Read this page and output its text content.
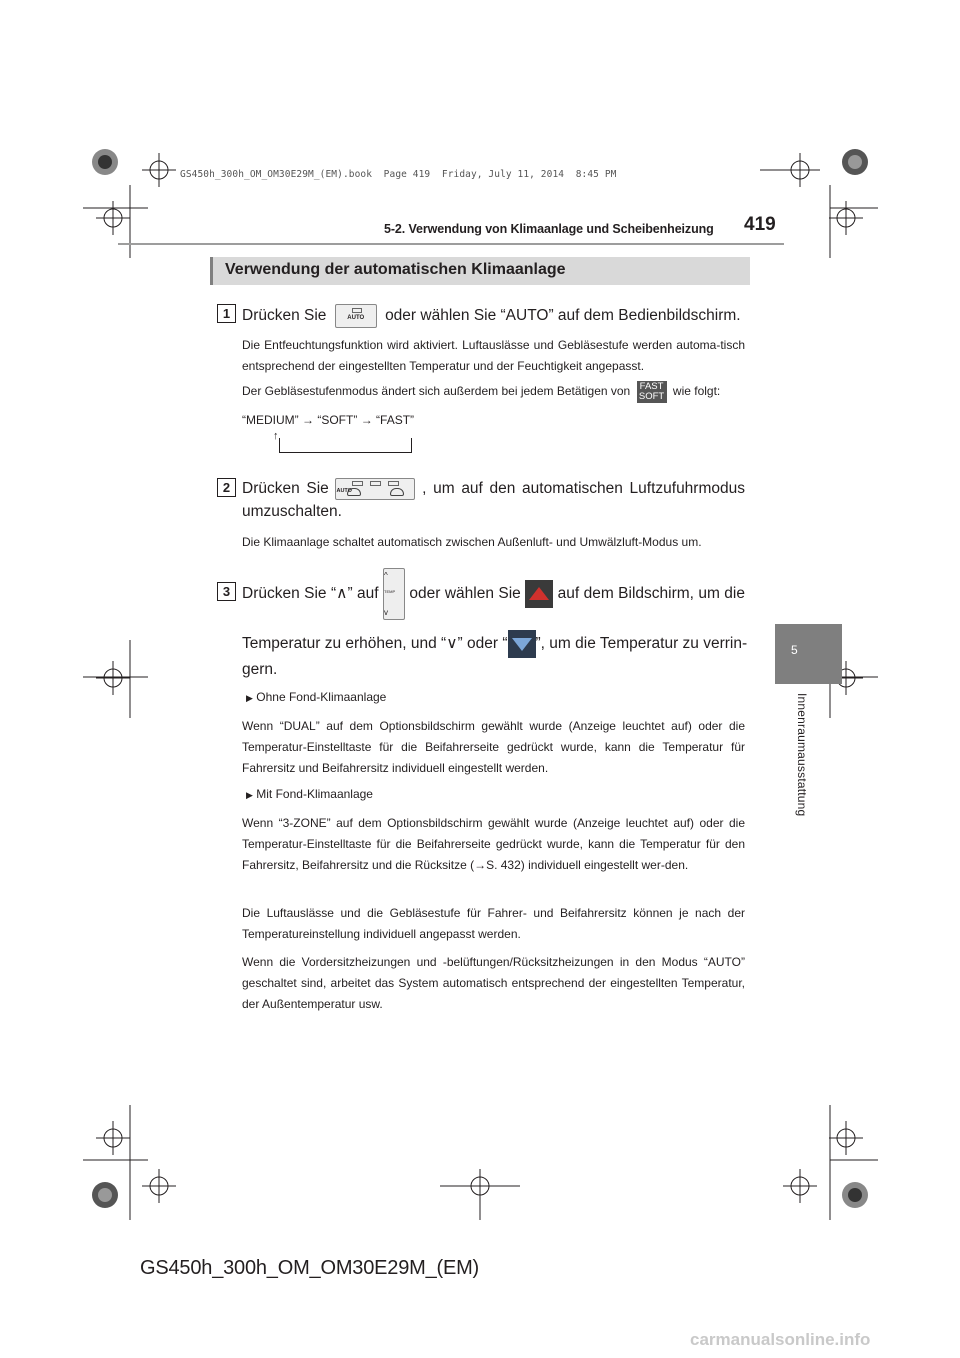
GS450h_300h_OM_OM30E29M_(EM).book  Page 419  Friday, July 11, 2014  8:45 PM
5-2. Verwendung von Klimaanlage und Scheibenheizung 419
5
Innenraumausstattung
Verwendung der automatischen Klimaanlage
1 Drücken Sie	AUTO	oder wählen Sie “AUTO” auf dem Bedienbildschirm.

Die Entfeuchtungsfunktion wird aktiviert. Luftauslässe und Gebläsestufe werden automa-tisch entsprechend der eingestellten Temperatur und der Feuchtigkeit angepasst.

Der Gebläsestufenmodus ändert sich außerdem bei jedem Betätigen von FAST
SOFT wie folgt:
“MEDIUM” → “SOFT” → “FAST”
↑
2 Drücken Sie AUTO	, um auf den automatischen Luftzufuhrmodus
umzuschalten.

Die Klimaanlage schaltet automatisch zwischen Außenluft- und Umwälzluft-Modus um.

3 Drücken Sie “∧” auf
^
TEMP
v
oder wählen Sie auf dem Bildschirm, um die
Temperatur zu erhöhen, und “∨” oder “ ”, um die Temperatur zu verrin-
gern.
▶ Ohne Fond-Klimaanlage

Wenn “DUAL” auf dem Optionsbildschirm gewählt wurde (Anzeige leuchtet auf) oder die Temperatur-Einstelltaste für die Beifahrerseite gedrückt wurde, kann die Temperatur für Fahrersitz und Beifahrersitz individuell eingestellt werden.

▶ Mit Fond-Klimaanlage

Wenn “3-ZONE” auf dem Optionsbildschirm gewählt wurde (Anzeige leuchtet auf) oder die Temperatur-Einstelltaste für die Beifahrerseite gedrückt wurde, kann die Temperatur für den Fahrersitz, Beifahrersitz und die Rücksitze (→S. 432) individuell eingestellt wer-den.

Die Luftauslässe und die Gebläsestufe für Fahrer- und Beifahrersitz können je nach der Temperatureinstellung individuell angepasst werden.

Wenn die Vordersitzheizungen und -belüftungen/Rücksitzheizungen in den Modus “AUTO” geschaltet sind, arbeitet das System automatisch entsprechend der eingestellten Temperatur, der Außentemperatur usw.

GS450h_300h_OM_OM30E29M_(EM)
carmanualsonline.info
